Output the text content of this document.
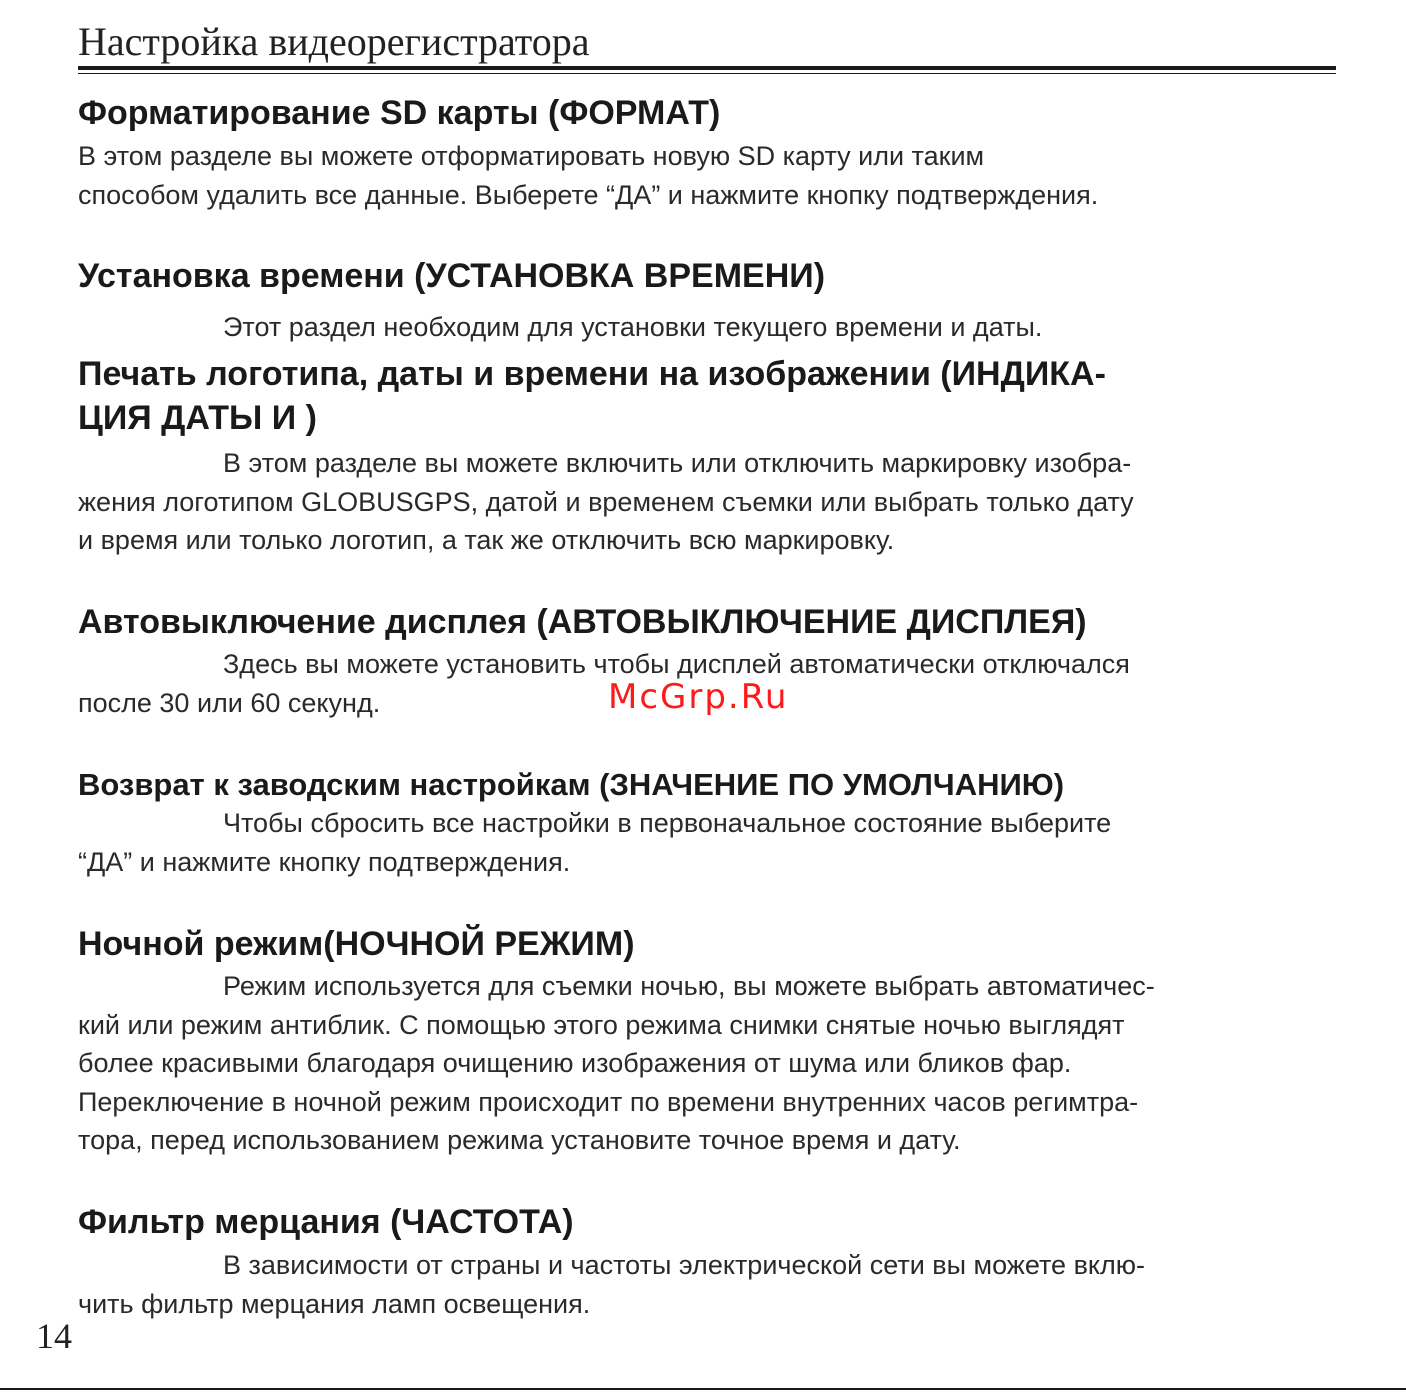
Настройка видеорегистратора
Форматирование SD карты (ФОРМАТ)
В этом разделе вы можете отформатировать новую SD карту или таким
способом удалить все данные. Выберете “ДА” и нажмите кнопку подтверждения.
Установка времени (УСТАНОВКА ВРЕМЕНИ)
Этот раздел необходим для установки текущего времени и даты.
Печать логотипа, даты и времени на изображении (ИНДИКА-
ЦИЯ ДАТЫ И )
В этом разделе вы можете включить или отключить маркировку изобра-
жения логотипом GLOBUSGPS, датой и временем съемки или выбрать только дату
и время или только логотип, а так же отключить всю маркировку.
Автовыключение дисплея (АВТОВЫКЛЮЧЕНИЕ ДИСПЛЕЯ)
Здесь вы можете установить чтобы дисплей автоматически отключался
после 30 или 60 секунд.	McGrp.Ru
Возврат к заводским настройкам (ЗНАЧЕНИЕ ПО УМОЛЧАНИЮ)
Чтобы сбросить все настройки в первоначальное состояние выберите
“ДА” и нажмите кнопку подтверждения.
Ночной режим(НОЧНОЙ РЕЖИМ)
Режим используется для съемки ночью, вы можете выбрать автоматичес-
кий или режим антиблик. С помощью этого режима снимки снятые ночью выглядят
более красивыми благодаря очищению изображения от шума или бликов фар.
Переключение в ночной режим происходит по времени внутренних часов регимтра-
тора, перед использованием режима установите точное время и дату.
Фильтр мерцания (ЧАСТОТА)
В зависимости от страны и частоты электрической сети вы можете вклю-
чить фильтр мерцания ламп освещения.
14
